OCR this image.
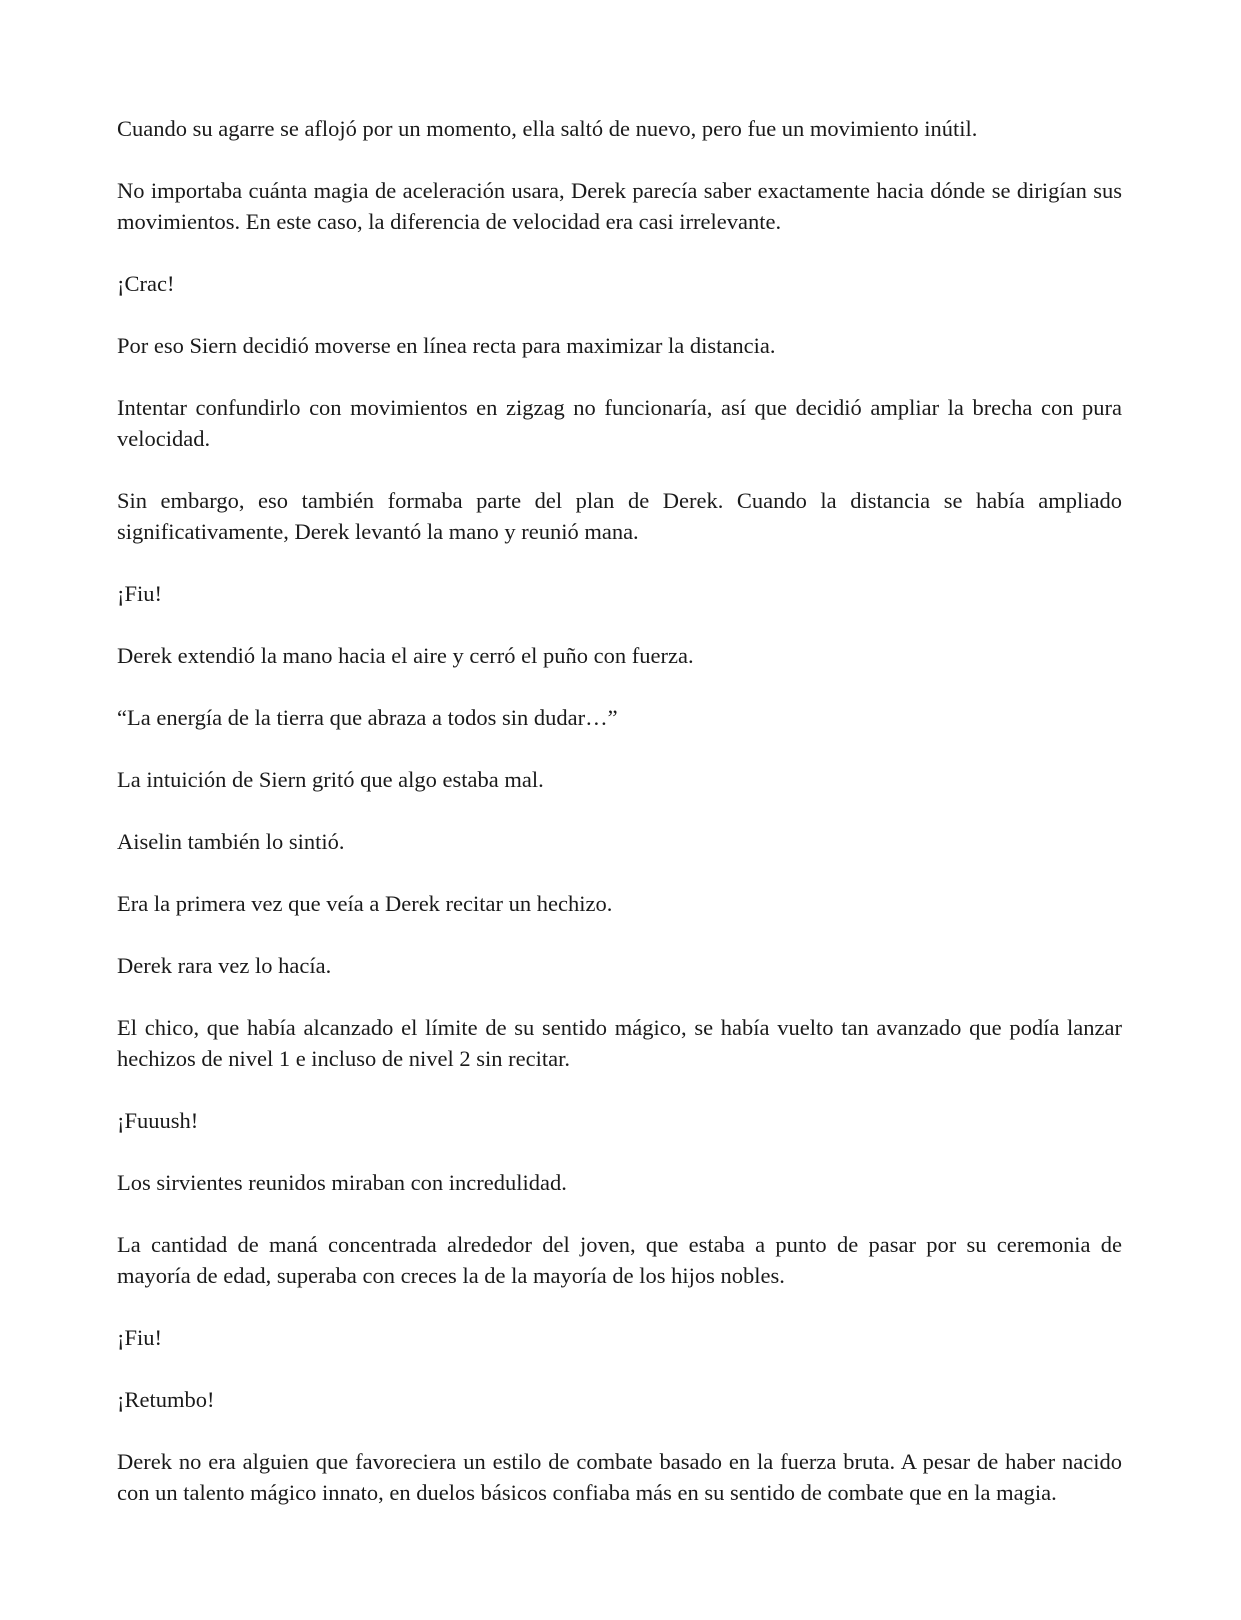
Cuando su agarre se aflojó por un momento, ella saltó de nuevo, pero fue un movimiento inútil.

No importaba cuánta magia de aceleración usara, Derek parecía saber exactamente hacia dónde se dirigían sus movimientos. En este caso, la diferencia de velocidad era casi irrelevante.

¡Crac!

Por eso Siern decidió moverse en línea recta para maximizar la distancia.

Intentar confundirlo con movimientos en zigzag no funcionaría, así que decidió ampliar la brecha con pura velocidad.

Sin embargo, eso también formaba parte del plan de Derek. Cuando la distancia se había ampliado significativamente, Derek levantó la mano y reunió mana.

¡Fiu!

Derek extendió la mano hacia el aire y cerró el puño con fuerza.

“La energía de la tierra que abraza a todos sin dudar…”

La intuición de Siern gritó que algo estaba mal.

Aiselin también lo sintió.

Era la primera vez que veía a Derek recitar un hechizo.

Derek rara vez lo hacía.

El chico, que había alcanzado el límite de su sentido mágico, se había vuelto tan avanzado que podía lanzar hechizos de nivel 1 e incluso de nivel 2 sin recitar.

¡Fuuush!

Los sirvientes reunidos miraban con incredulidad.

La cantidad de maná concentrada alrededor del joven, que estaba a punto de pasar por su ceremonia de mayoría de edad, superaba con creces la de la mayoría de los hijos nobles.

¡Fiu!

¡Retumbo!

Derek no era alguien que favoreciera un estilo de combate basado en la fuerza bruta. A pesar de haber nacido con un talento mágico innato, en duelos básicos confiaba más en su sentido de combate que en la magia.
